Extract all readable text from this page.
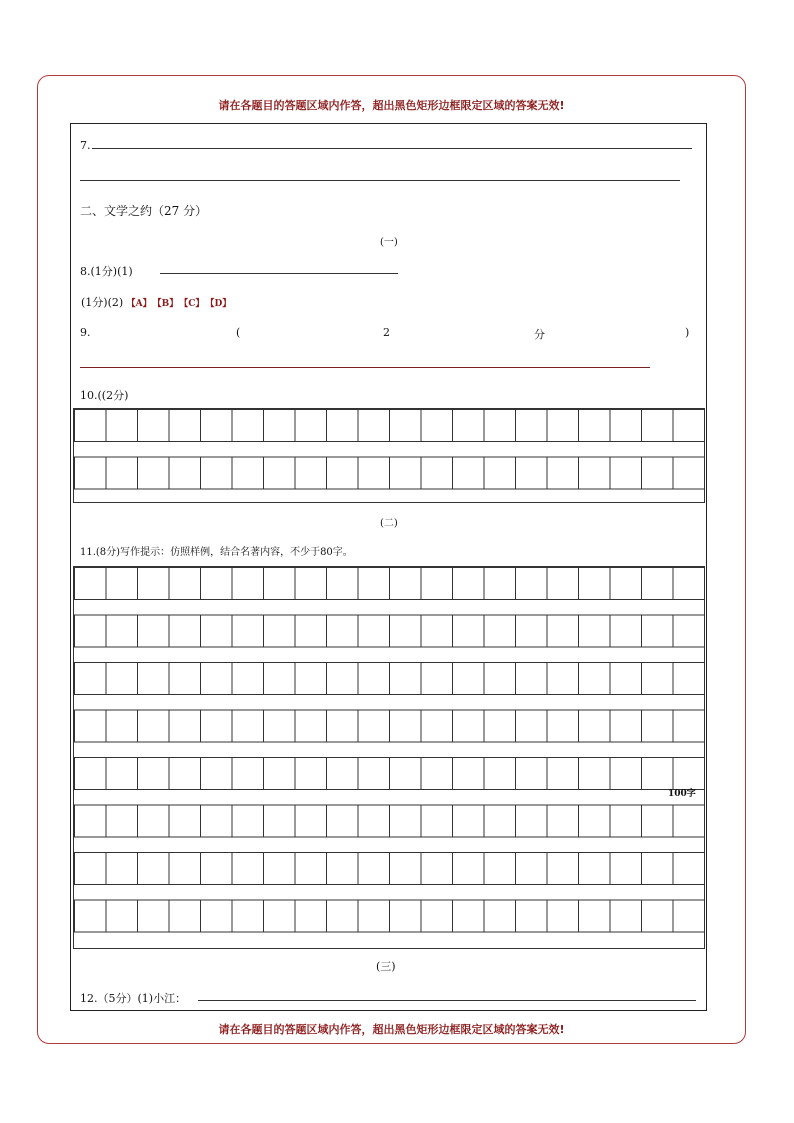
请在各题目的答题区域内作答，超出黑色矩形边框限定区域的答案无效!
请在各题目的答题区域内作答，超出黑色矩形边框限定区域的答案无效!
7.
二、文学之约（27 分）
(一)
8.(1分)(1)
(1分)(2) 【A】【B】【C】【D】
9.	(	2	分	)
10.((2分)
(二)
11.(8分)写作提示：仿照样例，结合名著内容，不少于80字。
100字
(三)
12.（5分）(1)小江：
